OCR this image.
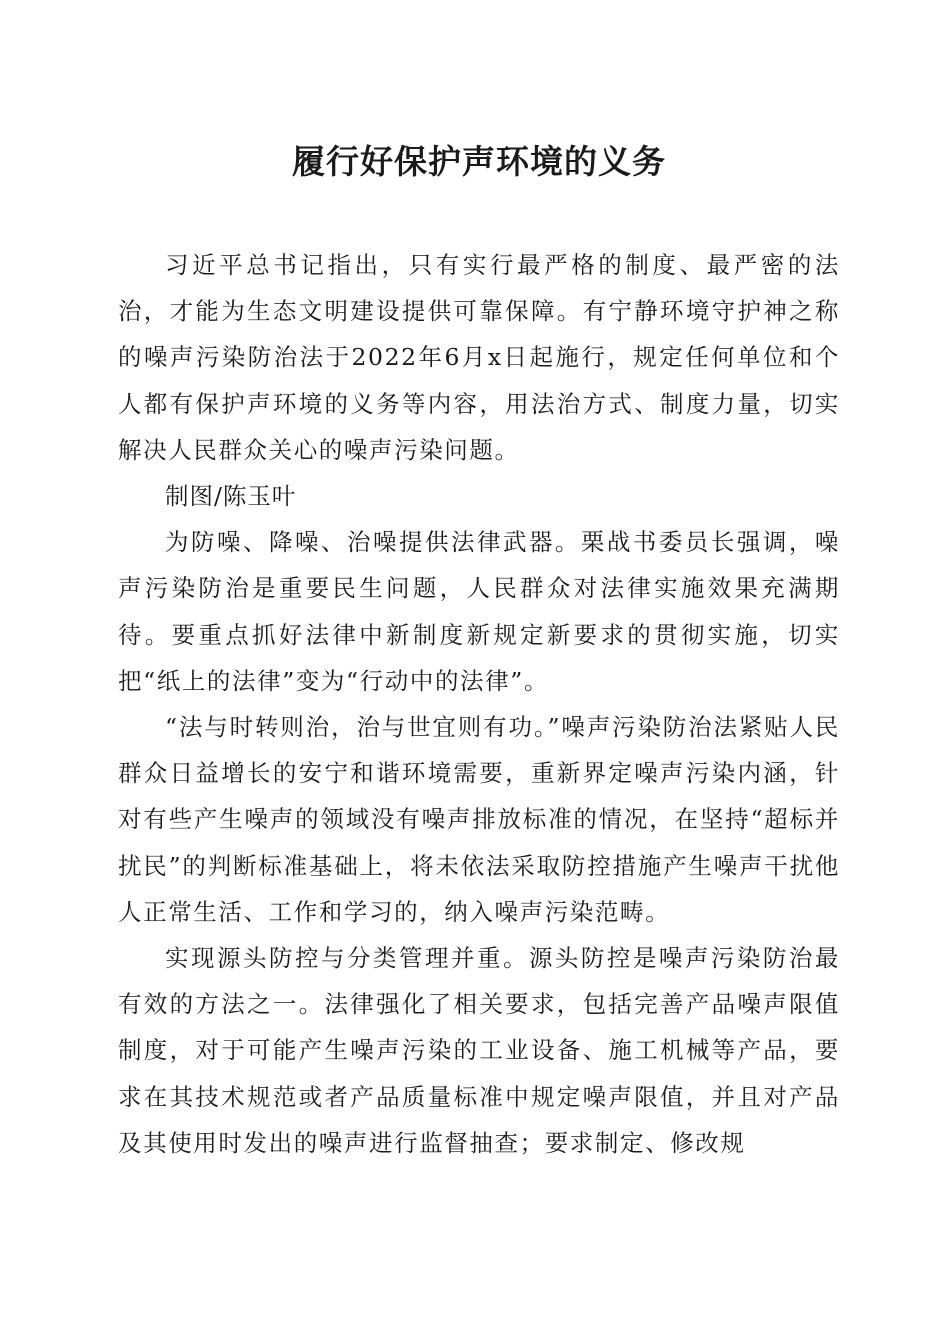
履行好保护声环境的义务

习近平总书记指出，只有实行最严格的制度、最严密的法治，才能为生态文明建设提供可靠保障。有宁静环境守护神之称的噪声污染防治法于2022年6月x日起施行，规定任何单位和个人都有保护声环境的义务等内容，用法治方式、制度力量，切实解决人民群众关心的噪声污染问题。

制图/陈玉叶

为防噪、降噪、治噪提供法律武器。栗战书委员长强调，噪声污染防治是重要民生问题，人民群众对法律实施效果充满期待。要重点抓好法律中新制度新规定新要求的贯彻实施，切实把“纸上的法律”变为“行动中的法律”。

“法与时转则治，治与世宜则有功。”噪声污染防治法紧贴人民群众日益增长的安宁和谐环境需要，重新界定噪声污染内涵，针对有些产生噪声的领域没有噪声排放标准的情况，在坚持“超标并扰民”的判断标准基础上，将未依法采取防控措施产生噪声干扰他人正常生活、工作和学习的，纳入噪声污染范畴。

实现源头防控与分类管理并重。源头防控是噪声污染防治最有效的方法之一。法律强化了相关要求，包括完善产品噪声限值制度，对于可能产生噪声污染的工业设备、施工机械等产品，要求在其技术规范或者产品质量标准中规定噪声限值，并且对产品及其使用时发出的噪声进行监督抽查；要求制定、修改规
